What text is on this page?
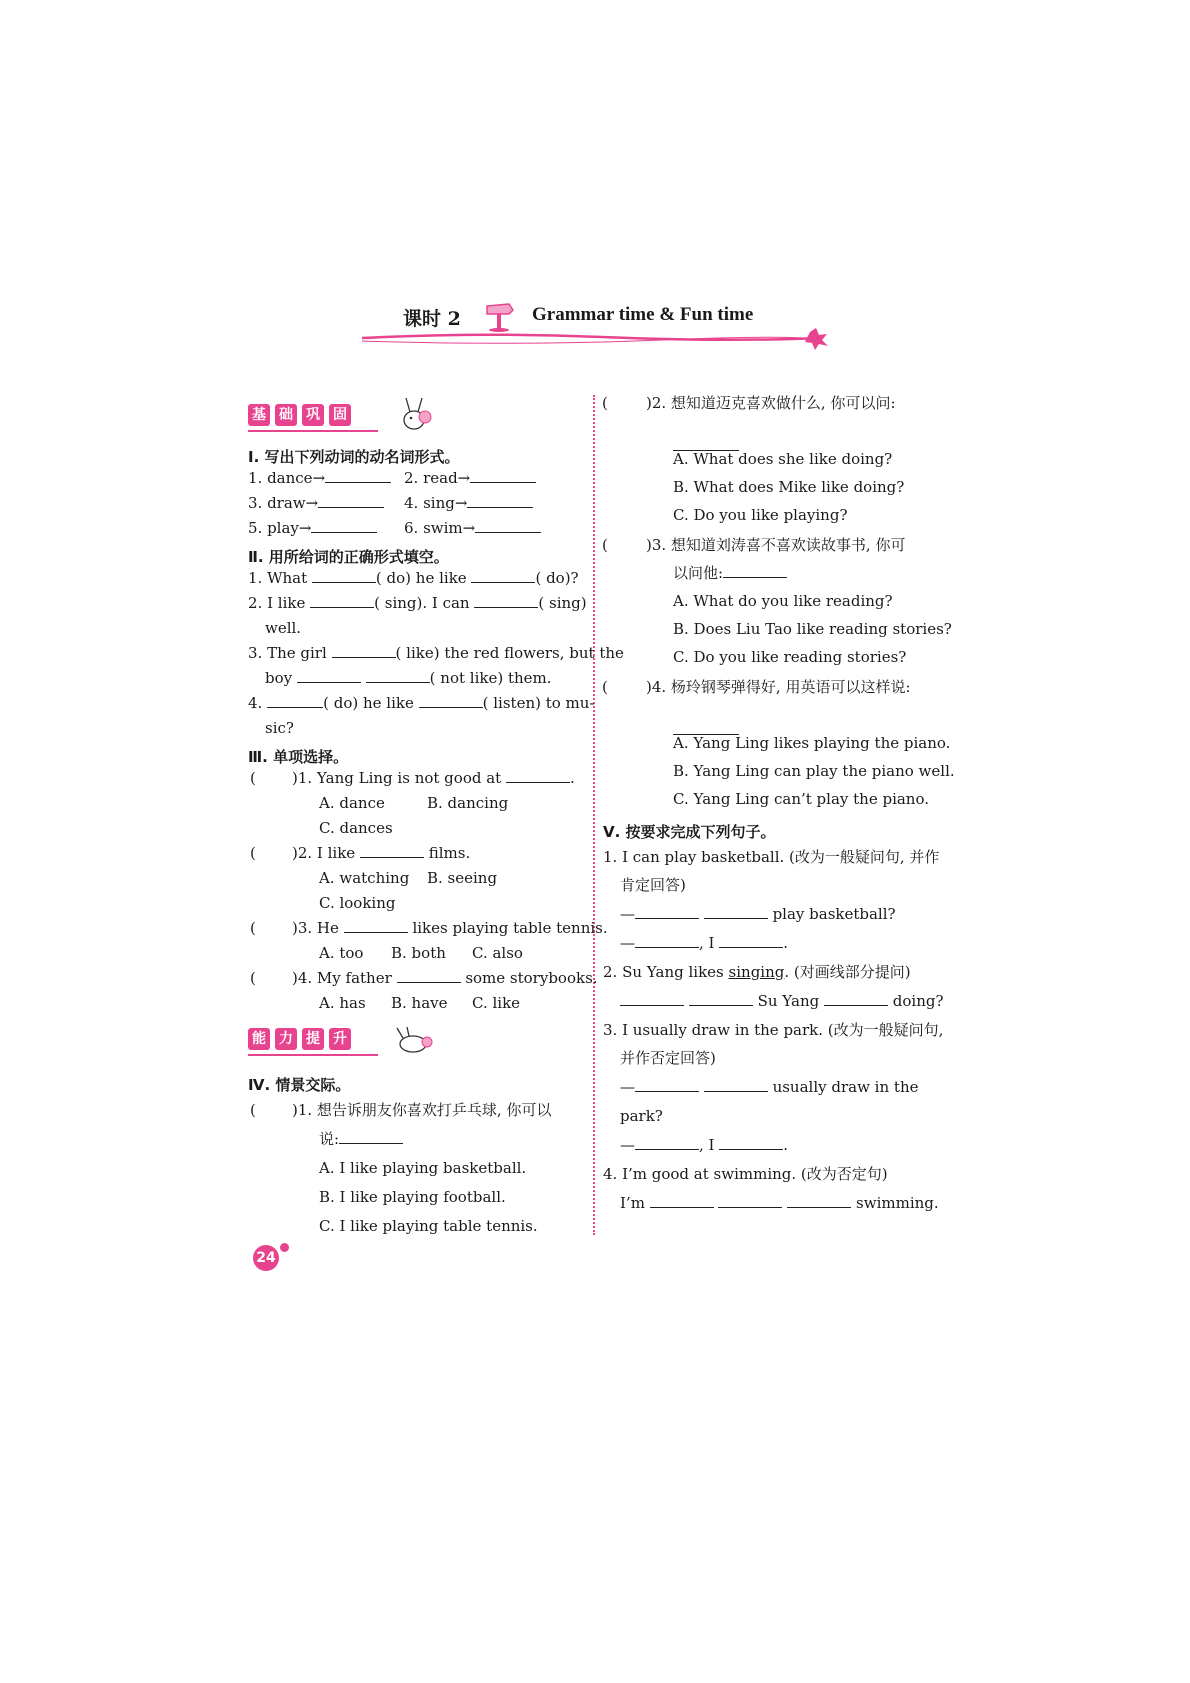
课时 2	Grammar time & Fun time
基 础 巩 固
Ⅰ. 写出下列动词的动名词形式。
1. dance→	2. read→
3. draw→	4. sing→
5. play→	6. swim→
Ⅱ. 用所给词的正确形式填空。
1. What	( do) he like	( do)?
2. I like	( sing). I can	( sing)
well.
3. The girl	( like) the red flowers, but the
boy	( not like) them.
4.	( do) he like	( listen) to mu-
sic?
Ⅲ. 单项选择。
( )1. Yang Ling is not good at	.
A. dance	B. dancing
C. dances
( )2. I like	films.
A. watching B. seeing
C. looking
( )3. He	likes playing table tennis.
A. too B. both C. also
( )4. My father	some storybooks.
A. has B. have C. like
能 力 提 升
Ⅳ. 情景交际。
( )1. 想告诉朋友你喜欢打乒乓球, 你可以
说:
A. I like playing basketball.
B. I like playing football.
C. I like playing table tennis.
24
(	)2. 想知道迈克喜欢做什么, 你可以问:
A. What does she like doing?
B. What does Mike like doing?
C. Do you like playing?
(	)3. 想知道刘涛喜不喜欢读故事书, 你可
以问他:
A. What do you like reading?
B. Does Liu Tao like reading stories?
C. Do you like reading stories?
(	)4. 杨玲钢琴弹得好, 用英语可以这样说:
A. Yang Ling likes playing the piano.
B. Yang Ling can play the piano well.
C. Yang Ling can’t play the piano.
Ⅴ. 按要求完成下列句子。
1. I can play basketball. (改为一般疑问句, 并作
肯定回答)
—	play basketball?
—	, I	.
2. Su Yang likes singing. (对画线部分提问)
Su Yang	doing?
3. I usually draw in the park. (改为一般疑问句,
并作否定回答)
—	usually draw in the
park?
—	, I	.
4. I’m good at swimming. (改为否定句)
I’m	swimming.
